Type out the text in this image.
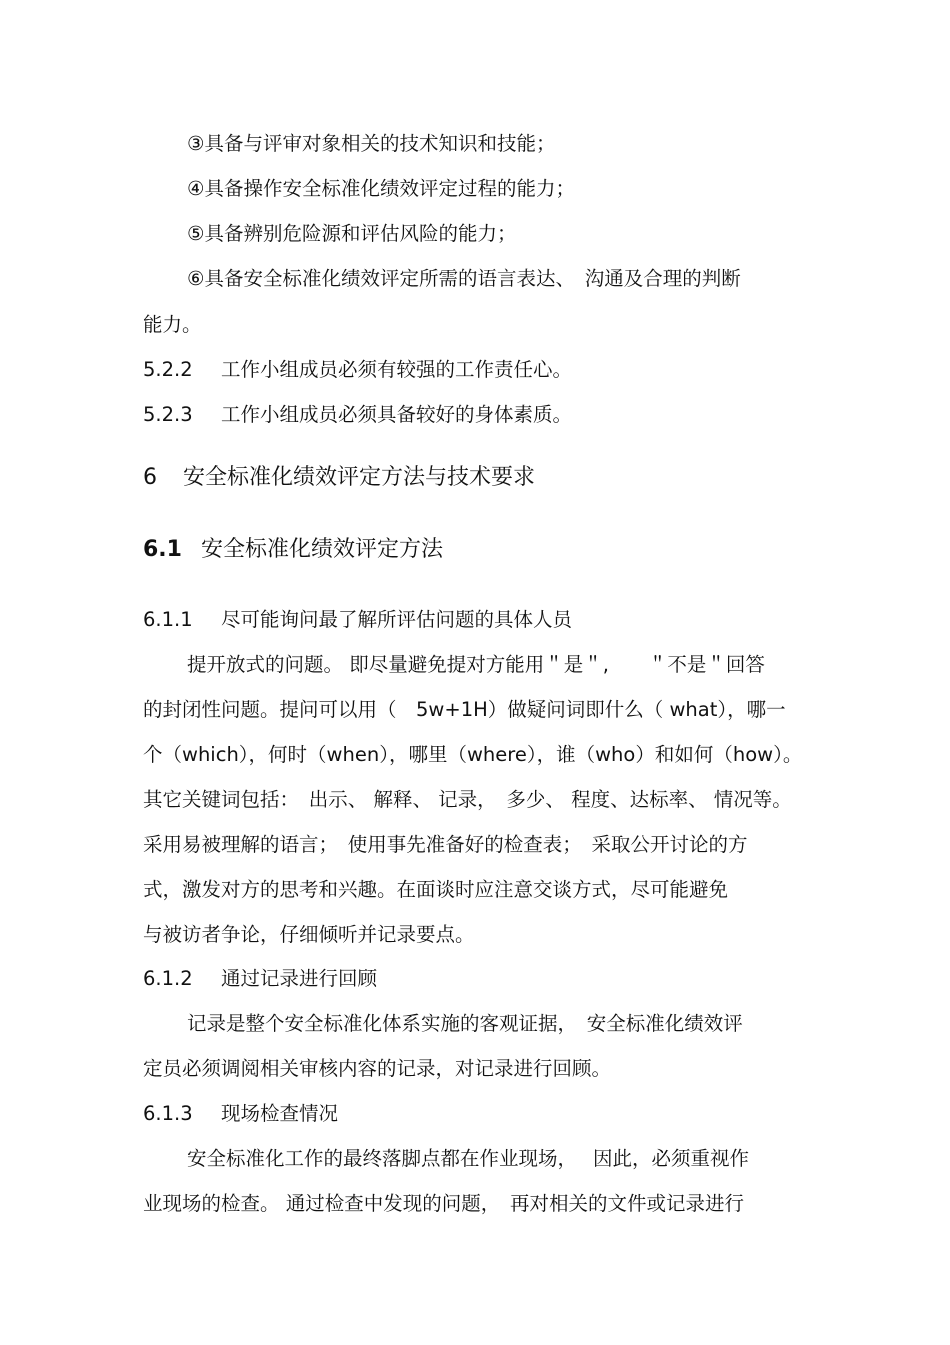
③具备与评审对象相关的技术知识和技能；

④具备操作安全标准化绩效评定过程的能力；

⑤具备辨别危险源和评估风险的能力；

⑥具备安全标准化绩效评定所需的语言表达、　沟通及合理的判断

能力。

5.2.2 工作小组成员必须有较强的工作责任心。

5.2.3 工作小组成员必须具备较好的身体素质。

6 安全标准化绩效评定方法与技术要求

6.1 安全标准化绩效评定方法

6.1.1 尽可能询问最了解所评估问题的具体人员

提开放式的问题。 即尽量避免提对方能用＂是＂,　　＂不是＂回答

的封闭性问题。提问可以用（　5w+1H）做疑问词即什么（ what），哪一

个（which），何时（when），哪里（where），谁（who）和如何（how）。

其它关键词包括：　出示、 解释、 记录，　多少、 程度、达标率、 情况等。

采用易被理解的语言；　使用事先准备好的检查表；　采取公开讨论的方

式，激发对方的思考和兴趣。在面谈时应注意交谈方式，尽可能避免

与被访者争论，仔细倾听并记录要点。

6.1.2 通过记录进行回顾

记录是整个安全标准化体系实施的客观证据，　安全标准化绩效评

定员必须调阅相关审核内容的记录，对记录进行回顾。

6.1.3 现场检查情况

安全标准化工作的最终落脚点都在作业现场，　 因此，必须重视作

业现场的检查。 通过检查中发现的问题，　再对相关的文件或记录进行
